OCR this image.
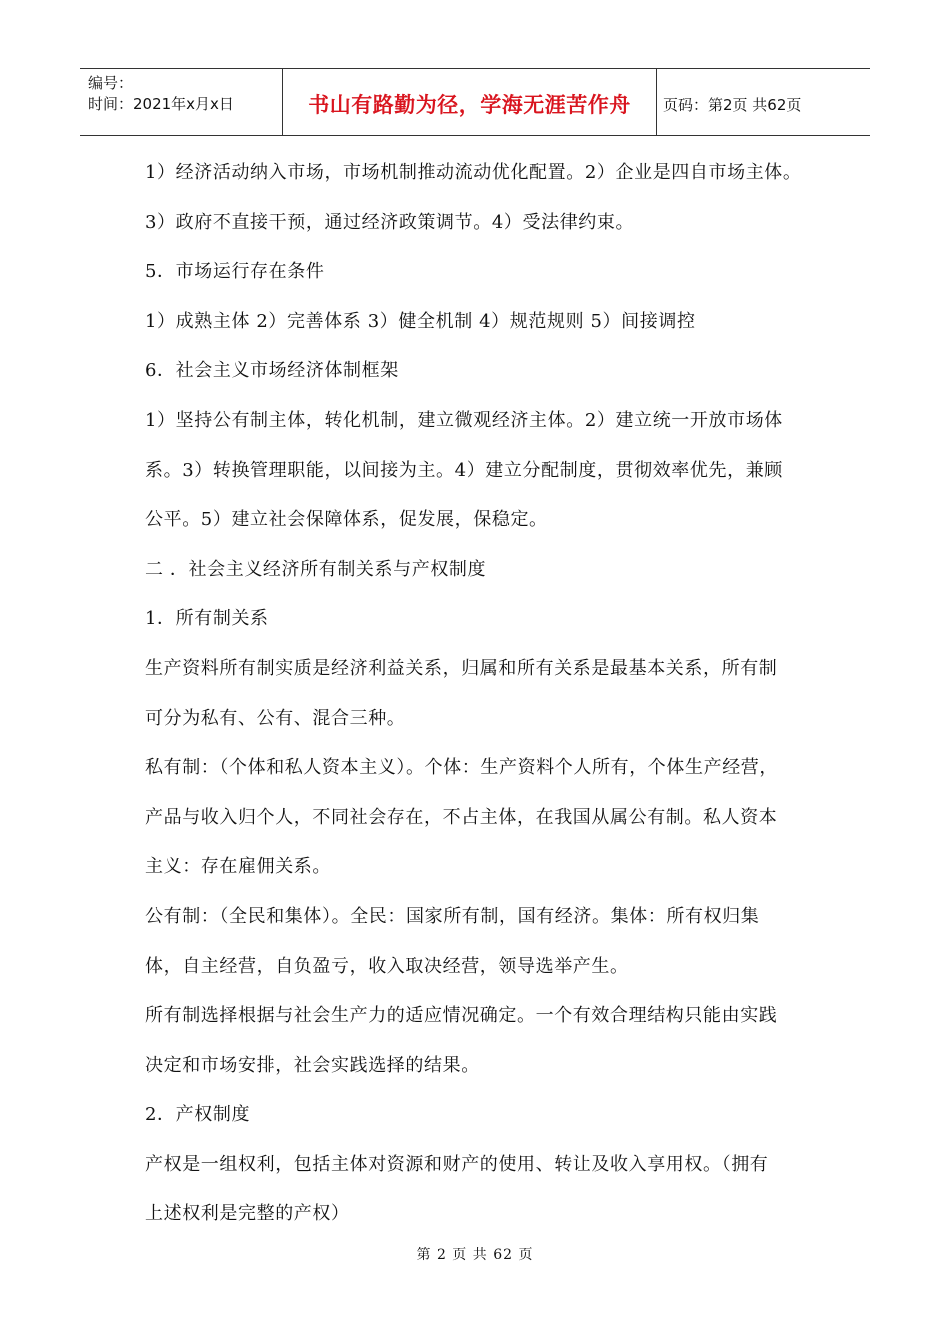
编号：
时间：2021年x月x日	书山有路勤为径，学海无涯苦作舟 页码：第2页 共62页
1）经济活动纳入市场，市场机制推动流动优化配置。2）企业是四自市场主体。
3）政府不直接干预，通过经济政策调节。4）受法律约束。
5．市场运行存在条件
1）成熟主体 2）完善体系 3）健全机制 4）规范规则 5）间接调控
6．社会主义市场经济体制框架
1）坚持公有制主体，转化机制，建立微观经济主体。2）建立统一开放市场体
系。3）转换管理职能，以间接为主。4）建立分配制度，贯彻效率优先，兼顾
公平。5）建立社会保障体系，促发展，保稳定。
二 ．社会主义经济所有制关系与产权制度
1．所有制关系
生产资料所有制实质是经济利益关系，归属和所有关系是最基本关系，所有制
可分为私有、公有、混合三种。
私有制：（个体和私人资本主义）。个体：生产资料个人所有，个体生产经营，
产品与收入归个人，不同社会存在，不占主体，在我国从属公有制。私人资本
主义：存在雇佣关系。
公有制：（全民和集体）。全民：国家所有制，国有经济。集体：所有权归集
体，自主经营，自负盈亏，收入取决经营，领导选举产生。
所有制选择根据与社会生产力的适应情况确定。一个有效合理结构只能由实践
决定和市场安排，社会实践选择的结果。
2．产权制度
产权是一组权利，包括主体对资源和财产的使用、转让及收入享用权。（拥有
上述权利是完整的产权）
第 2 页 共 62 页
